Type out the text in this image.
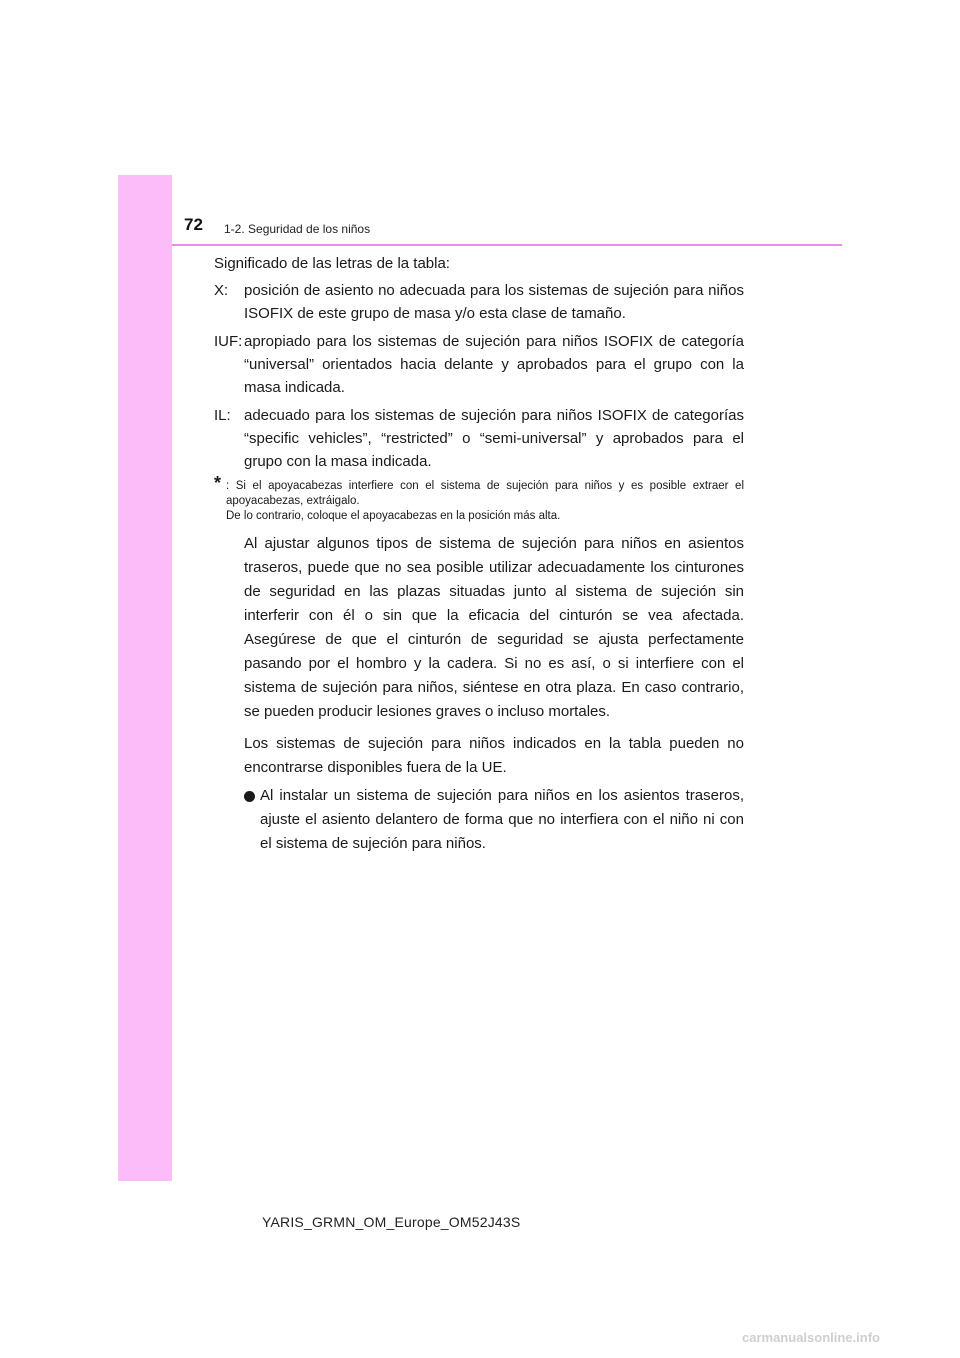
72 1-2. Seguridad de los niños

Significado de las letras de la tabla:

X: posición de asiento no adecuada para los sistemas de sujeción para niños ISOFIX de este grupo de masa y/o esta clase de tamaño.
IUF: apropiado para los sistemas de sujeción para niños ISOFIX de categoría “universal” orientados hacia delante y aprobados para el grupo con la masa indicada.
IL: adecuado para los sistemas de sujeción para niños ISOFIX de categorías “specific vehicles”, “restricted” o “semi-universal” y aprobados para el grupo con la masa indicada.
* : Si el apoyacabezas interfiere con el sistema de sujeción para niños y es posible extraer el apoyacabezas, extráigalo.

De lo contrario, coloque el apoyacabezas en la posición más alta.

Al ajustar algunos tipos de sistema de sujeción para niños en asientos traseros, puede que no sea posible utilizar adecuadamente los cinturones de seguridad en las plazas situadas junto al sistema de sujeción sin interferir con él o sin que la eficacia del cinturón se vea afectada. Asegúrese de que el cinturón de seguridad se ajusta perfectamente pasando por el hombro y la cadera. Si no es así, o si interfiere con el sistema de sujeción para niños, siéntese en otra plaza. En caso contrario, se pueden producir lesiones graves o incluso mortales.

Los sistemas de sujeción para niños indicados en la tabla pueden no encontrarse disponibles fuera de la UE.

Al instalar un sistema de sujeción para niños en los asientos traseros, ajuste el asiento delantero de forma que no interfiera con el niño ni con el sistema de sujeción para niños.
YARIS_GRMN_OM_Europe_OM52J43S
carmanualsonline.info
